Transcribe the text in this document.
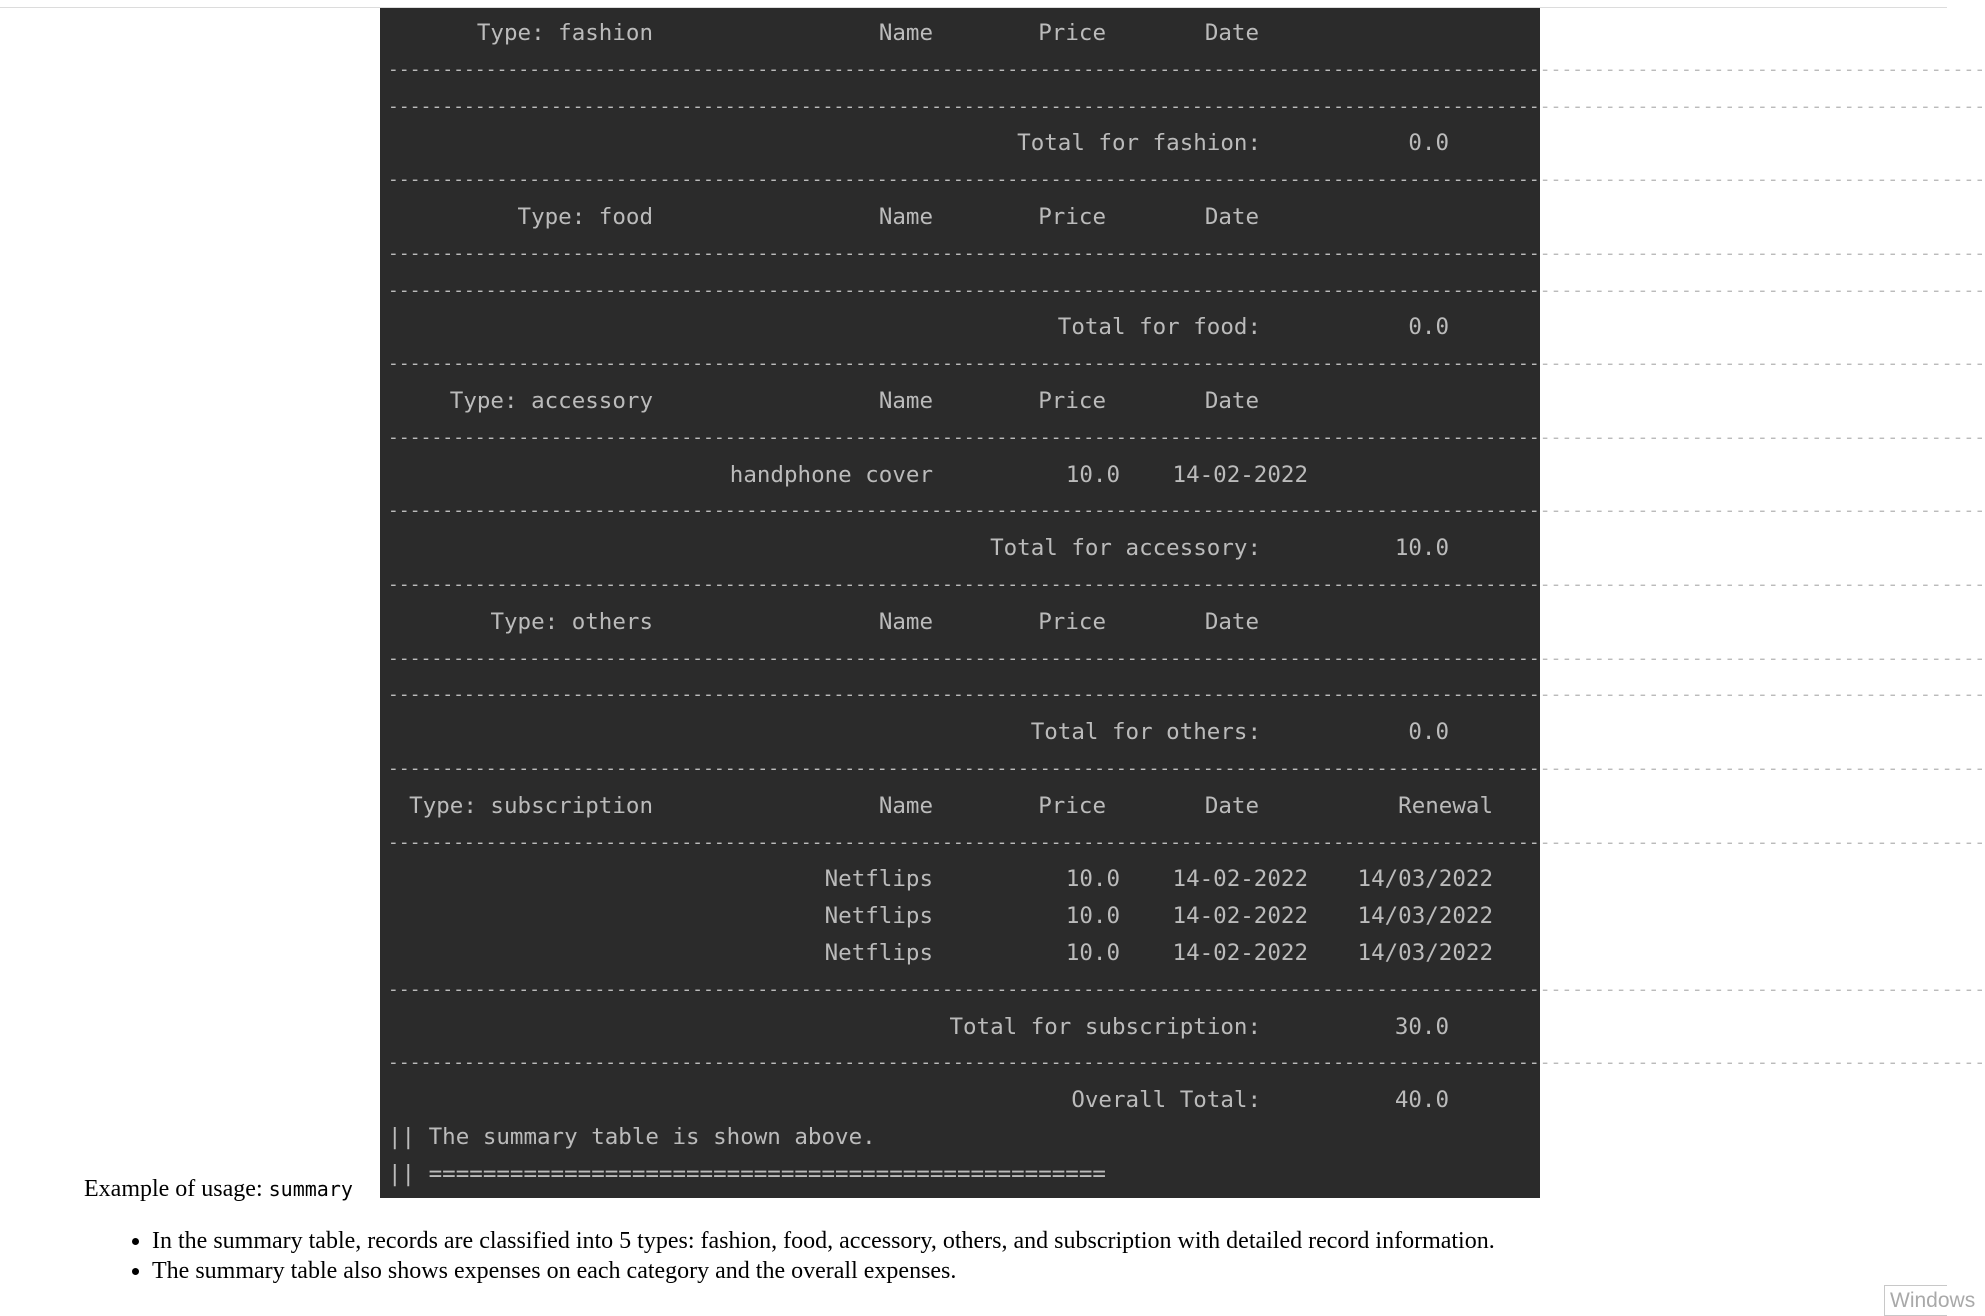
Type: fashion	Name	Price	Date
-----
-----
Total for fashion:	0.0
-----
Type: food	Name	Price	Date
-----
-----
Total for food:	0.0
-----
Type: accessory	Name	Price	Date
-----
handphone cover	10.0 14-02-2022
-----
Total for accessory:	10.0
-----
Type: others	Name	Price	Date
-----
-----
Total for others:	0.0
-----
Type: subscription	Name	Price	Date	Renewal
-----
Netflips	10.0 14-02-2022 14/03/2022
Netflips	10.0 14-02-2022 14/03/2022
Netflips	10.0 14-02-2022 14/03/2022
-----
Total for subscription:	30.0
-----
Overall Total:	40.0
|| The summary table is shown above.
|| ==================================================
Example of usage: summary
• In the summary table, records are classified into 5 types: fashion, food, accessory, others, and subscription with detailed record information.
• The summary table also shows expenses on each category and the overall expenses.
Windows
